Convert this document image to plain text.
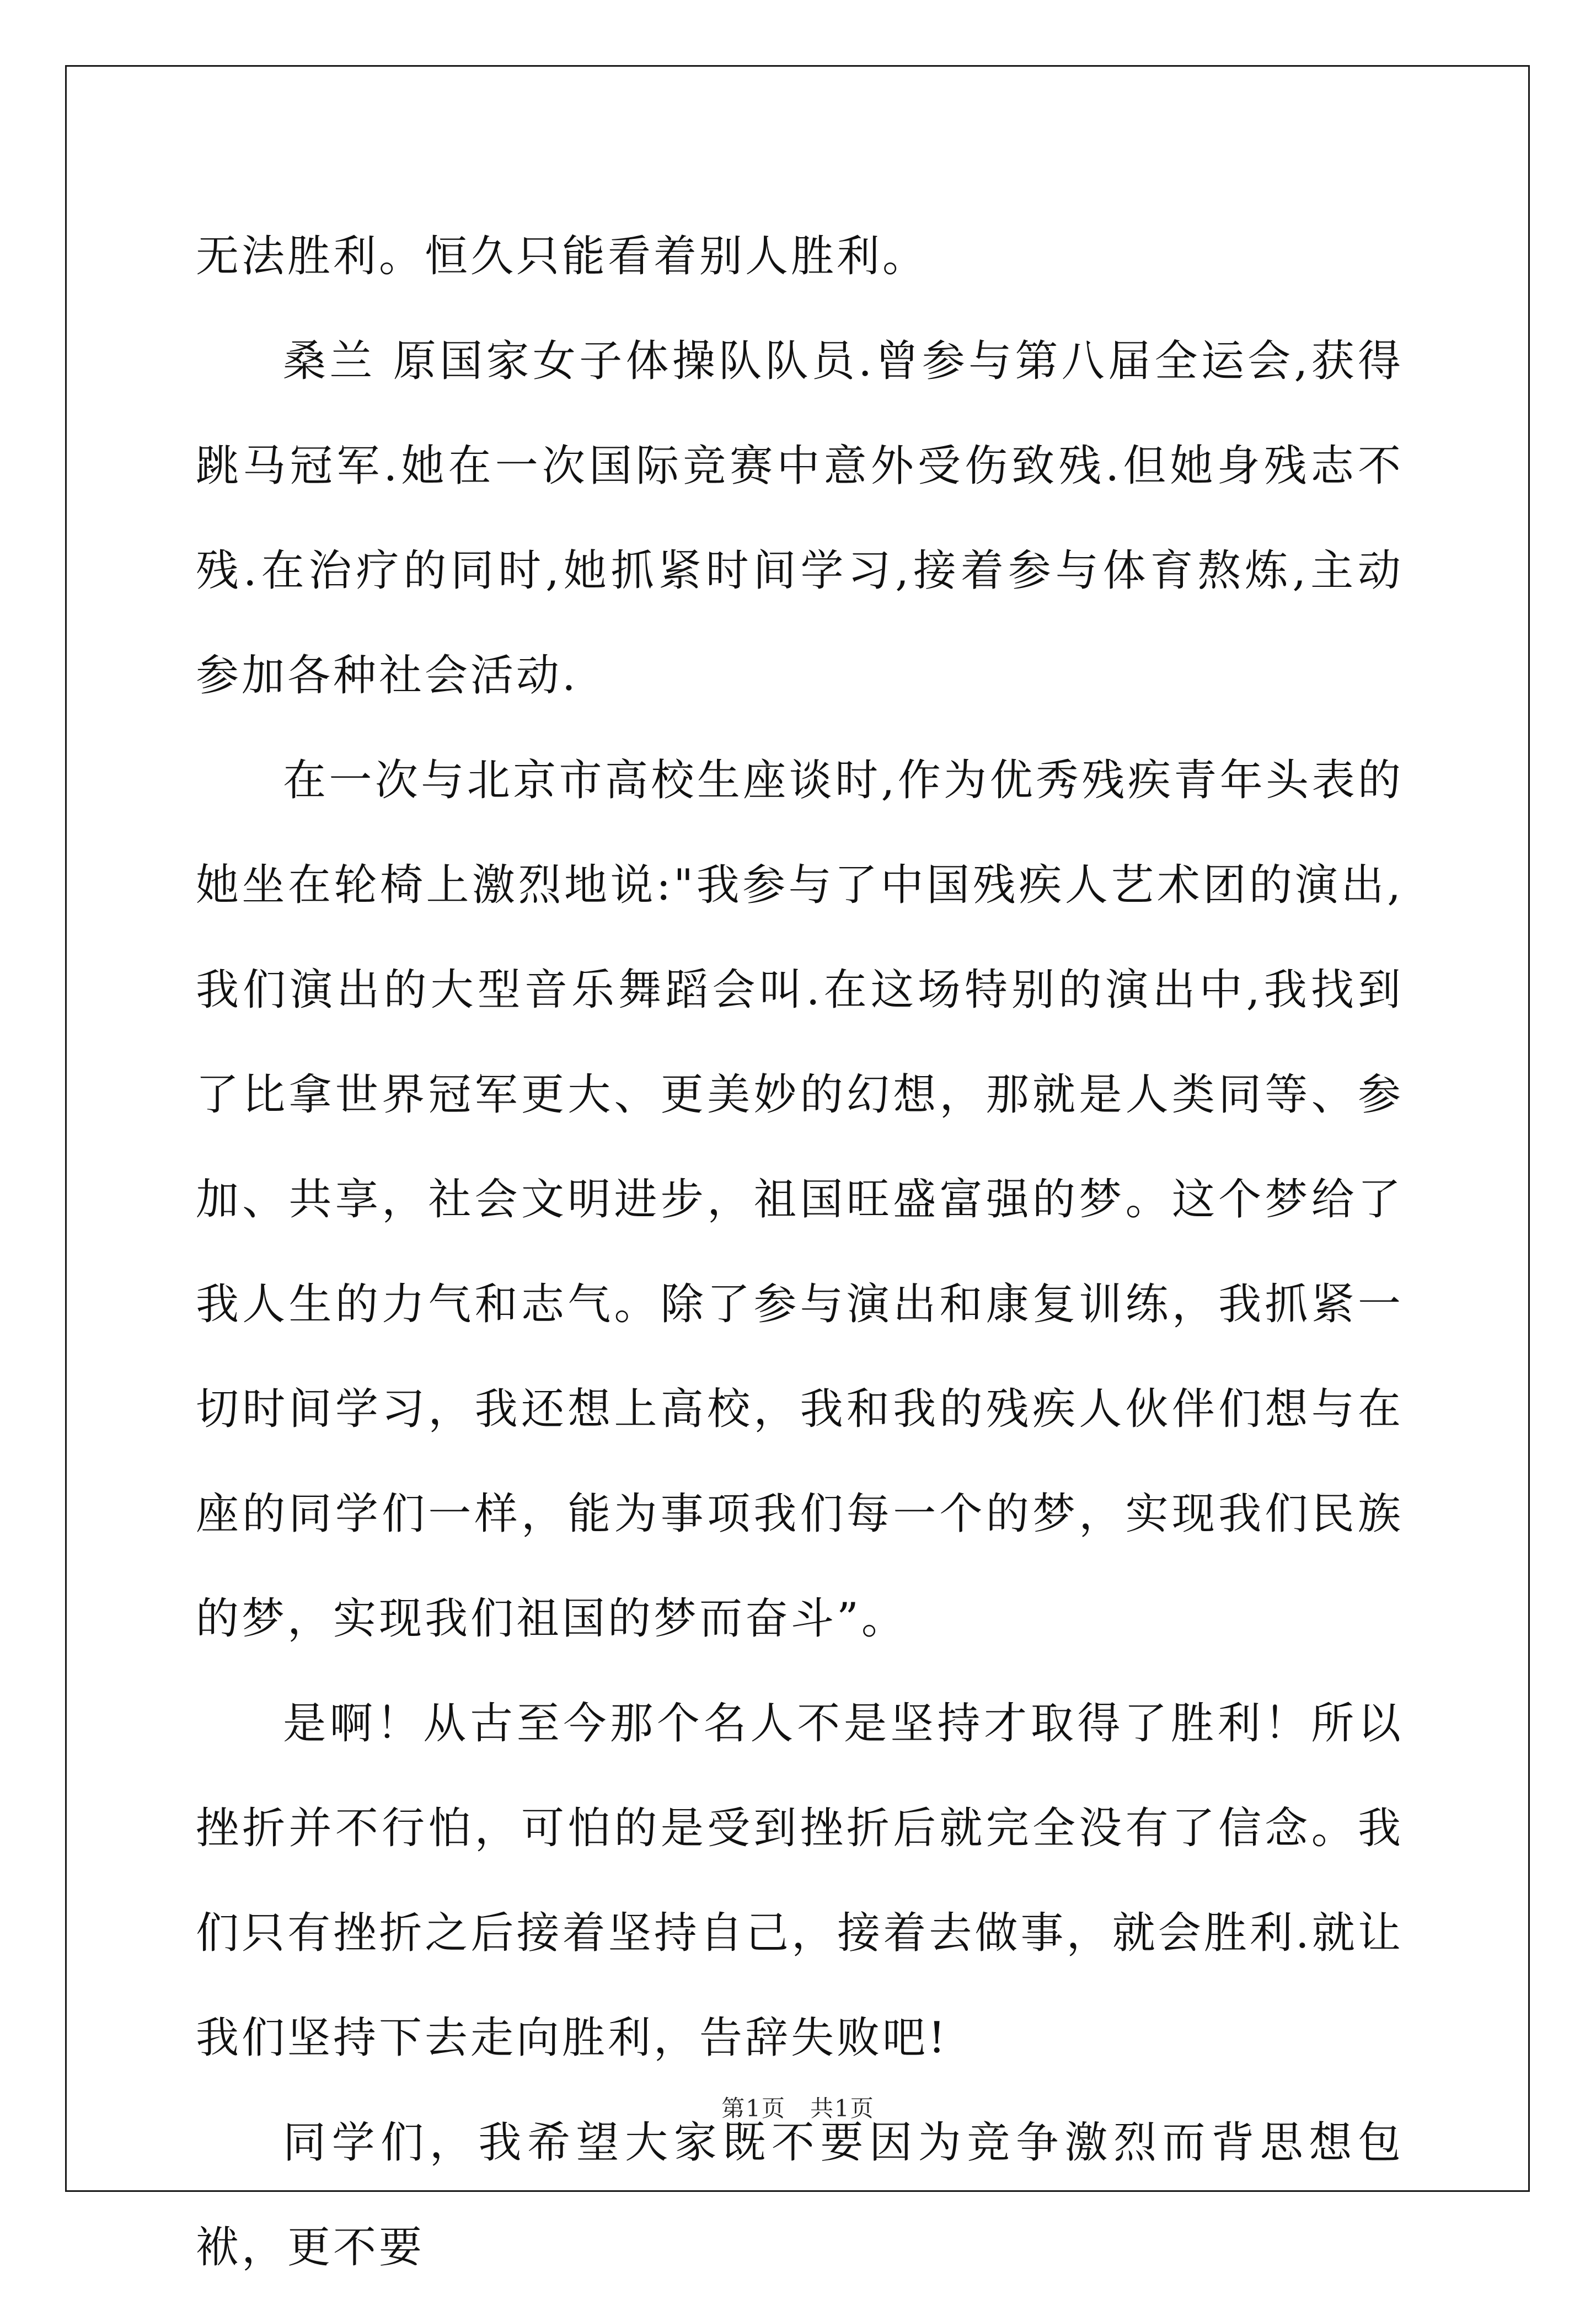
无法胜利。恒久只能看着别人胜利。

桑兰 原国家女子体操队队员.曾参与第八届全运会,获得跳马冠军.她在一次国际竞赛中意外受伤致残.但她身残志不残.在治疗的同时,她抓紧时间学习,接着参与体育熬炼,主动参加各种社会活动.

在一次与北京市高校生座谈时,作为优秀残疾青年头表的她坐在轮椅上激烈地说:"我参与了中国残疾人艺术团的演出,我们演出的大型音乐舞蹈会叫.在这场特别的演出中,我找到了比拿世界冠军更大、更美妙的幻想，那就是人类同等、参加、共享，社会文明进步，祖国旺盛富强的梦。这个梦给了我人生的力气和志气。除了参与演出和康复训练，我抓紧一切时间学习，我还想上高校，我和我的残疾人伙伴们想与在座的同学们一样，能为事项我们每一个的梦，实现我们民族的梦，实现我们祖国的梦而奋斗”。

是啊！从古至今那个名人不是坚持才取得了胜利！所以挫折并不行怕，可怕的是受到挫折后就完全没有了信念。我们只有挫折之后接着坚持自己，接着去做事，就会胜利.就让我们坚持下去走向胜利，告辞失败吧!

同学们，我希望大家既不要因为竞争激烈而背思想包袱，更不要

第1页　共1页
